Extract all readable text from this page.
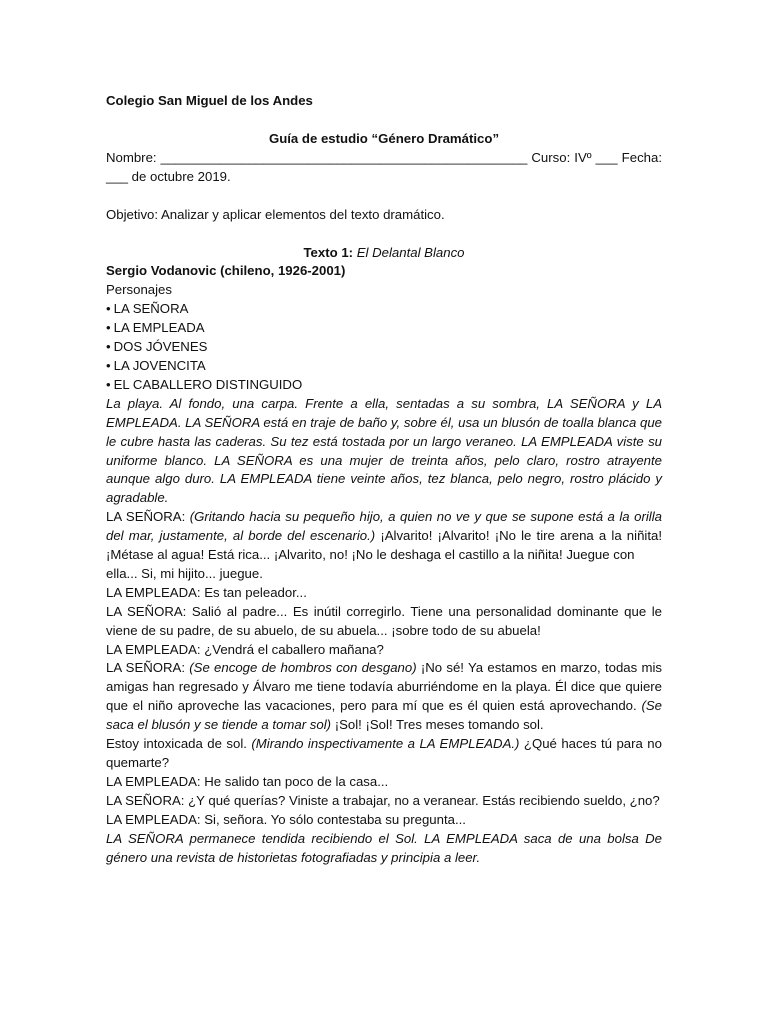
Colegio San Miguel de los Andes

Guía de estudio “Género Dramático”

Nombre: __________________________________________________ Curso: IVº ___ Fecha: ___ de octubre 2019.

Objetivo: Analizar y aplicar elementos del texto dramático.

Texto 1: El Delantal Blanco

Sergio Vodanovic (chileno, 1926-2001)

Personajes

• LA SEÑORA
• LA EMPLEADA
• DOS JÓVENES
• LA JOVENCITA
• EL CABALLERO DISTINGUIDO

La playa. Al fondo, una carpa. Frente a ella, sentadas a su sombra, LA SEÑORA y LA EMPLEADA. LA SEÑORA está en traje de baño y, sobre él, usa un blusón de toalla blanca que le cubre hasta las caderas. Su tez está tostada por un largo veraneo. LA EMPLEADA viste su uniforme blanco. LA SEÑORA es una mujer de treinta años, pelo claro, rostro atrayente aunque algo duro. LA EMPLEADA tiene veinte años, tez blanca, pelo negro, rostro plácido y agradable.

LA SEÑORA: (Gritando hacia su pequeño hijo, a quien no ve y que se supone está a la orilla del mar, justamente, al borde del escenario.) ¡Alvarito! ¡Alvarito! ¡No le tire arena a la niñita! ¡Métase al agua! Está rica... ¡Alvarito, no! ¡No le deshaga el castillo a la niñita! Juegue con

ella... Si, mi hijito... juegue.

LA EMPLEADA: Es tan peleador...

LA SEÑORA: Salió al padre... Es inútil corregirlo. Tiene una personalidad dominante que le viene de su padre, de su abuelo, de su abuela... ¡sobre todo de su abuela!

LA EMPLEADA: ¿Vendrá el caballero mañana?

LA SEÑORA: (Se encoge de hombros con desgano) ¡No sé! Ya estamos en marzo, todas mis amigas han regresado y Álvaro me tiene todavía aburriéndome en la playa. Él dice que quiere que el niño aproveche las vacaciones, pero para mí que es él quien está aprovechando. (Se saca el blusón y se tiende a tomar sol) ¡Sol! ¡Sol! Tres meses tomando sol.

Estoy intoxicada de sol. (Mirando inspectivamente a LA EMPLEADA.) ¿Qué haces tú para no quemarte?

LA EMPLEADA: He salido tan poco de la casa...

LA SEÑORA: ¿Y qué querías? Viniste a trabajar, no a veranear. Estás recibiendo sueldo, ¿no?

LA EMPLEADA: Si, señora. Yo sólo contestaba su pregunta...

LA SEÑORA permanece tendida recibiendo el Sol. LA EMPLEADA saca de una bolsa De género una revista de historietas fotografiadas y principia a leer.
